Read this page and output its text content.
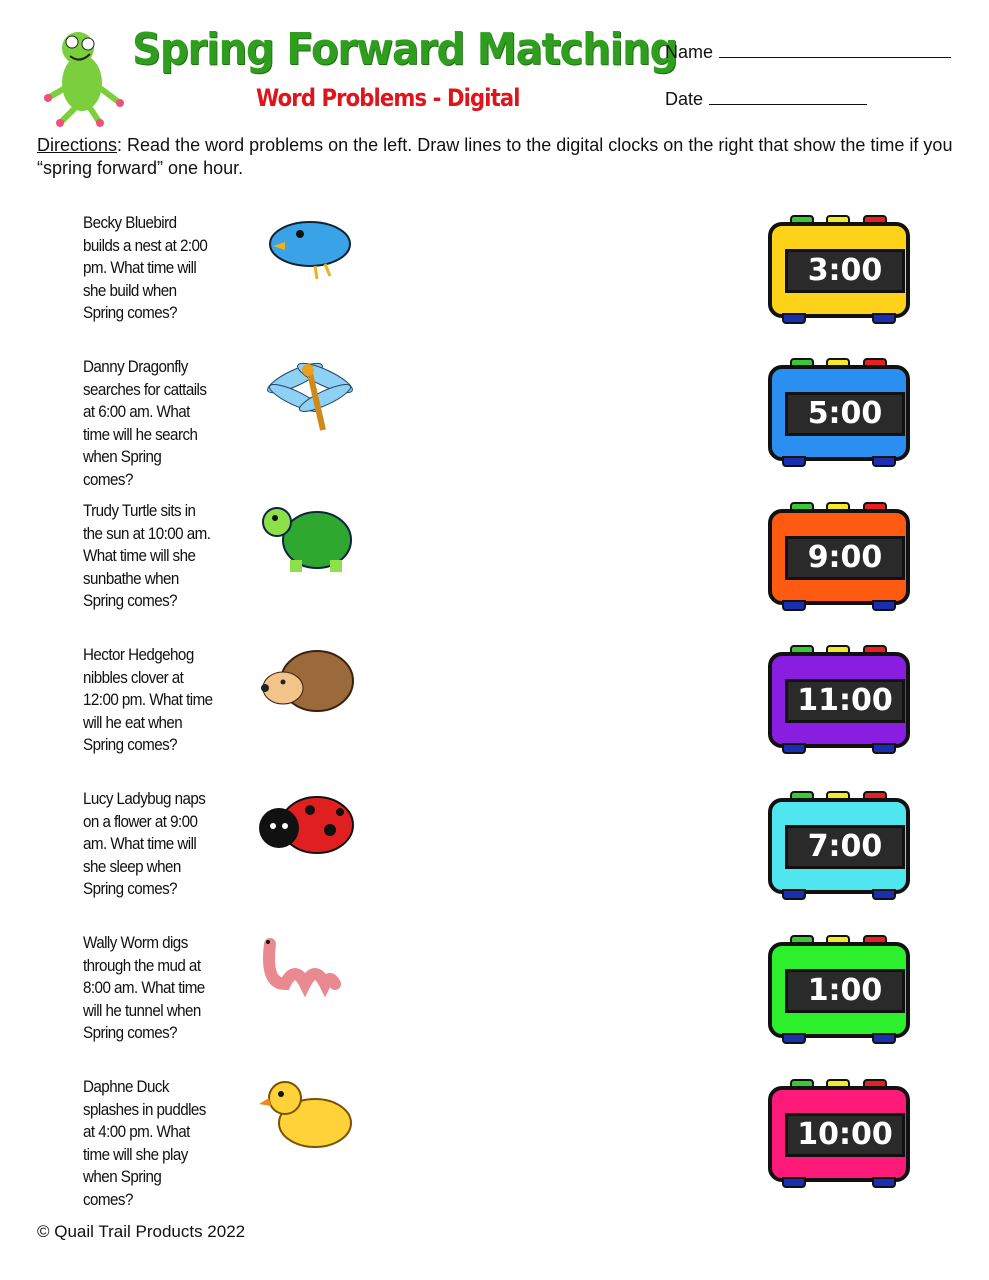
Spring Forward Matching
Word Problems - Digital
Name
Date
Directions: Read the word problems on the left. Draw lines to the digital clocks on the right that show the time if you “spring forward” one hour.
Becky Bluebird
builds a nest at 2:00
pm. What time will
she build when
Spring comes?
Danny Dragonfly
searches for cattails
at 6:00 am. What
time will he search
when Spring
comes?
Trudy Turtle sits in
the sun at 10:00 am.
What time will she
sunbathe when
Spring comes?
Hector Hedgehog
nibbles clover at
12:00 pm. What time
will he eat when
Spring comes?
Lucy Ladybug naps
on a flower at 9:00
am. What time will
she sleep when
Spring comes?
Wally Worm digs
through the mud at
8:00 am. What time
will he tunnel when
Spring comes?
Daphne Duck
splashes in puddles
at 4:00 pm. What
time will she play
when Spring
comes?
3:00
5:00
9:00
11:00
7:00
1:00
10:00
© Quail Trail Products 2022
